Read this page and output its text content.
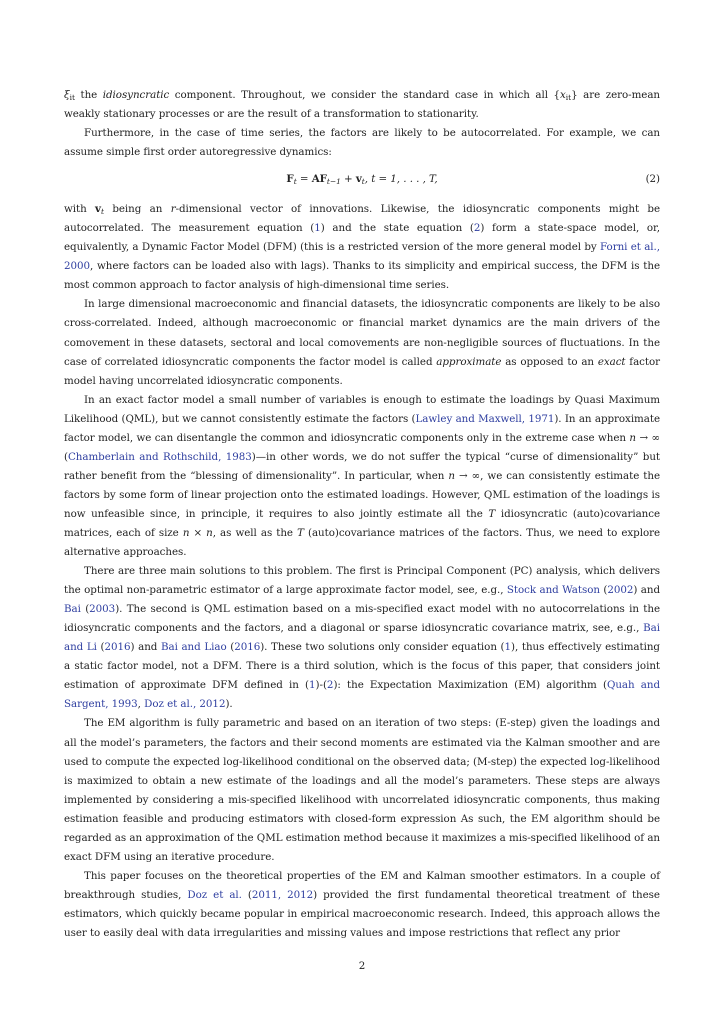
$\xi_{it}$ the idiosyncratic component. Throughout, we consider the standard case in which all $\{x_{it}\}$ are zero-mean weakly stationary processes or are the result of a transformation to stationarity.

Furthermore, in the case of time series, the factors are likely to be autocorrelated. For example, we can assume simple first order autoregressive dynamics:

$F_t = AF_{t-1} + v_t$, t = 1, . . . , T,	(2)

with $v_t$ being an r-dimensional vector of innovations. Likewise, the idiosyncratic components might be autocorrelated. The measurement equation (1) and the state equation (2) form a state-space model, or, equivalently, a Dynamic Factor Model (DFM) (this is a restricted version of the more general model by Forni et al., 2000, where factors can be loaded also with lags). Thanks to its simplicity and empirical success, the DFM is the most common approach to factor analysis of high-dimensional time series.

In large dimensional macroeconomic and financial datasets, the idiosyncratic components are likely to be also cross-correlated. Indeed, although macroeconomic or financial market dynamics are the main drivers of the comovement in these datasets, sectoral and local comovements are non-negligible sources of fluctuations. In the case of correlated idiosyncratic components the factor model is called approximate as opposed to an exact factor model having uncorrelated idiosyncratic components.

In an exact factor model a small number of variables is enough to estimate the loadings by Quasi Maximum Likelihood (QML), but we cannot consistently estimate the factors (Lawley and Maxwell, 1971). In an approximate factor model, we can disentangle the common and idiosyncratic components only in the extreme case when n → ∞ (Chamberlain and Rothschild, 1983)—in other words, we do not suffer the typical “curse of dimensionality” but rather benefit from the “blessing of dimensionality”. In particular, when n → ∞, we can consistently estimate the factors by some form of linear projection onto the estimated loadings. However, QML estimation of the loadings is now unfeasible since, in principle, it requires to also jointly estimate all the T idiosyncratic (auto)covariance matrices, each of size n × n, as well as the T (auto)covariance matrices of the factors. Thus, we need to explore alternative approaches.

There are three main solutions to this problem. The first is Principal Component (PC) analysis, which delivers the optimal non-parametric estimator of a large approximate factor model, see, e.g., Stock and Watson (2002) and Bai (2003). The second is QML estimation based on a mis-specified exact model with no autocorrelations in the idiosyncratic components and the factors, and a diagonal or sparse idiosyncratic covariance matrix, see, e.g., Bai and Li (2016) and Bai and Liao (2016). These two solutions only consider equation (1), thus effectively estimating a static factor model, not a DFM. There is a third solution, which is the focus of this paper, that considers joint estimation of approximate DFM defined in (1)-(2): the Expectation Maximization (EM) algorithm (Quah and Sargent, 1993, Doz et al., 2012).

The EM algorithm is fully parametric and based on an iteration of two steps: (E-step) given the loadings and all the model’s parameters, the factors and their second moments are estimated via the Kalman smoother and are used to compute the expected log-likelihood conditional on the observed data; (M-step) the expected log-likelihood is maximized to obtain a new estimate of the loadings and all the model’s parameters. These steps are always implemented by considering a mis-specified likelihood with uncorrelated idiosyncratic components, thus making estimation feasible and producing estimators with closed-form expression As such, the EM algorithm should be regarded as an approximation of the QML estimation method because it maximizes a mis-specified likelihood of an exact DFM using an iterative procedure.

This paper focuses on the theoretical properties of the EM and Kalman smoother estimators. In a couple of breakthrough studies, Doz et al. (2011, 2012) provided the first fundamental theoretical treatment of these estimators, which quickly became popular in empirical macroeconomic research. Indeed, this approach allows the user to easily deal with data irregularities and missing values and impose restrictions that reflect any prior

2
